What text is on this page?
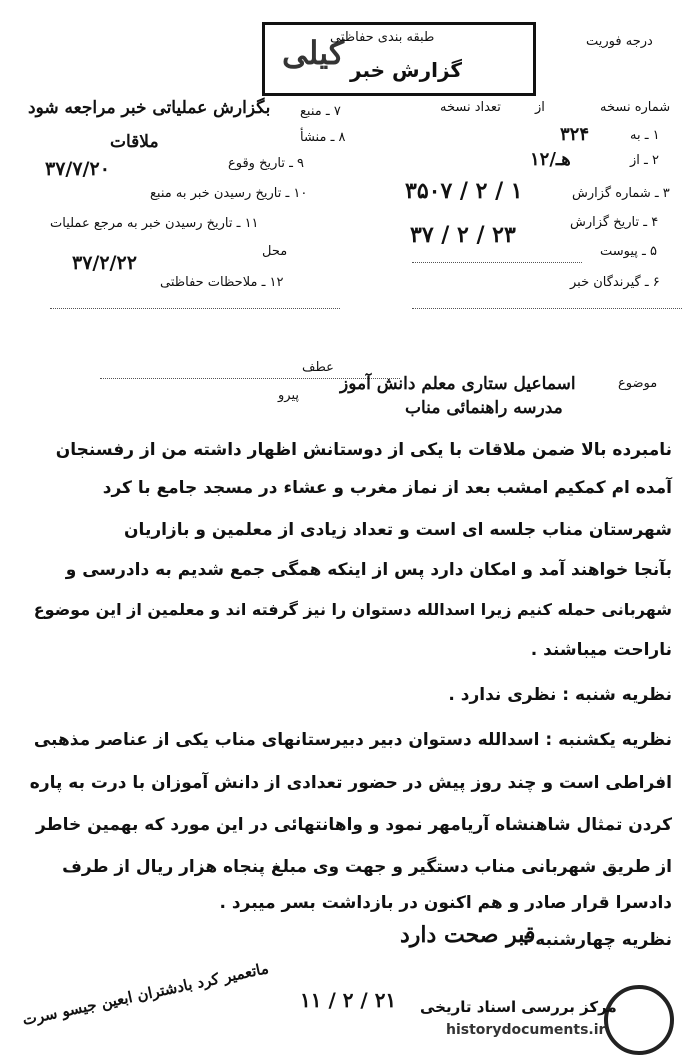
طبقه بندی حفاظتی
گزارش خبر
کیلی	درجه فوریت
تعداد نسخه	شماره نسخه
از
۱ ـ به
۳۲۴
۲ ـ از
۱۲/هـ
۳ ـ شماره گزارش
۳۵۰۷ / ۲ / ۱
۴ ـ تاریخ گزارش
۳۷ / ۲ / ۲۳
۵ ـ پیوست
۶ ـ گیرندگان خبر
۷ ـ منبع
بگزارش عملیاتی خبر مراجعه شود
۸ ـ منشأ
ملاقات
۹ ـ تاریخ وقوع
۳۷/۷/۲۰
۱۰ ـ تاریخ رسیدن خبر به منبع
۱۱ ـ تاریخ رسیدن خبر به مرجع عملیات
محل
۳۷/۲/۲۲
۱۲ ـ ملاحظات حفاظتی
عطف
پیرو
موضوع
اسماعیل ستاری معلم دانش آموز
مدرسه راهنمائی مناب
نامبرده بالا ضمن ملاقات با یکی از دوستانش اظهار داشته من از رفسنجان
آمده ام کمکیم امشب بعد از نماز مغرب و عشاء در مسجد جامع با کرد
شهرستان مناب جلسه ای است و تعداد زیادی از معلمین و بازاریان
بآنجا خواهند آمد و امکان دارد پس از اینکه همگی جمع شدیم به دادرسی و
شهربانی حمله کنیم زیرا اسدالله دستوان را نیز گرفته اند و معلمین از این موضوع
ناراحت میباشند .
نظریه شنبه : نظری ندارد .
نظریه یکشنبه : اسدالله دستوان دبیر دبیرستانهای مناب یکی از عناصر مذهبی
افراطی است و چند روز پیش در حضور تعدادی از دانش آموزان با درت به پاره
کردن تمثال شاهنشاه آریامهر نمود و واهانتهائی در این مورد که بهمین خاطر
از طریق شهربانی مناب دستگیر و جهت وی مبلغ پنجاه هزار ریال از طرف
دادسرا قرار صادر و هم اکنون در بازداشت بسر میبرد .
نظریه چهارشنبه :
قبر صحت دارد
ماتعمیر کرد بادشتران ابعین جیسو سرت ۱۱ / ۲ / ۲۱ مرکز بررسی اسناد تاریخی
historydocuments.ir
